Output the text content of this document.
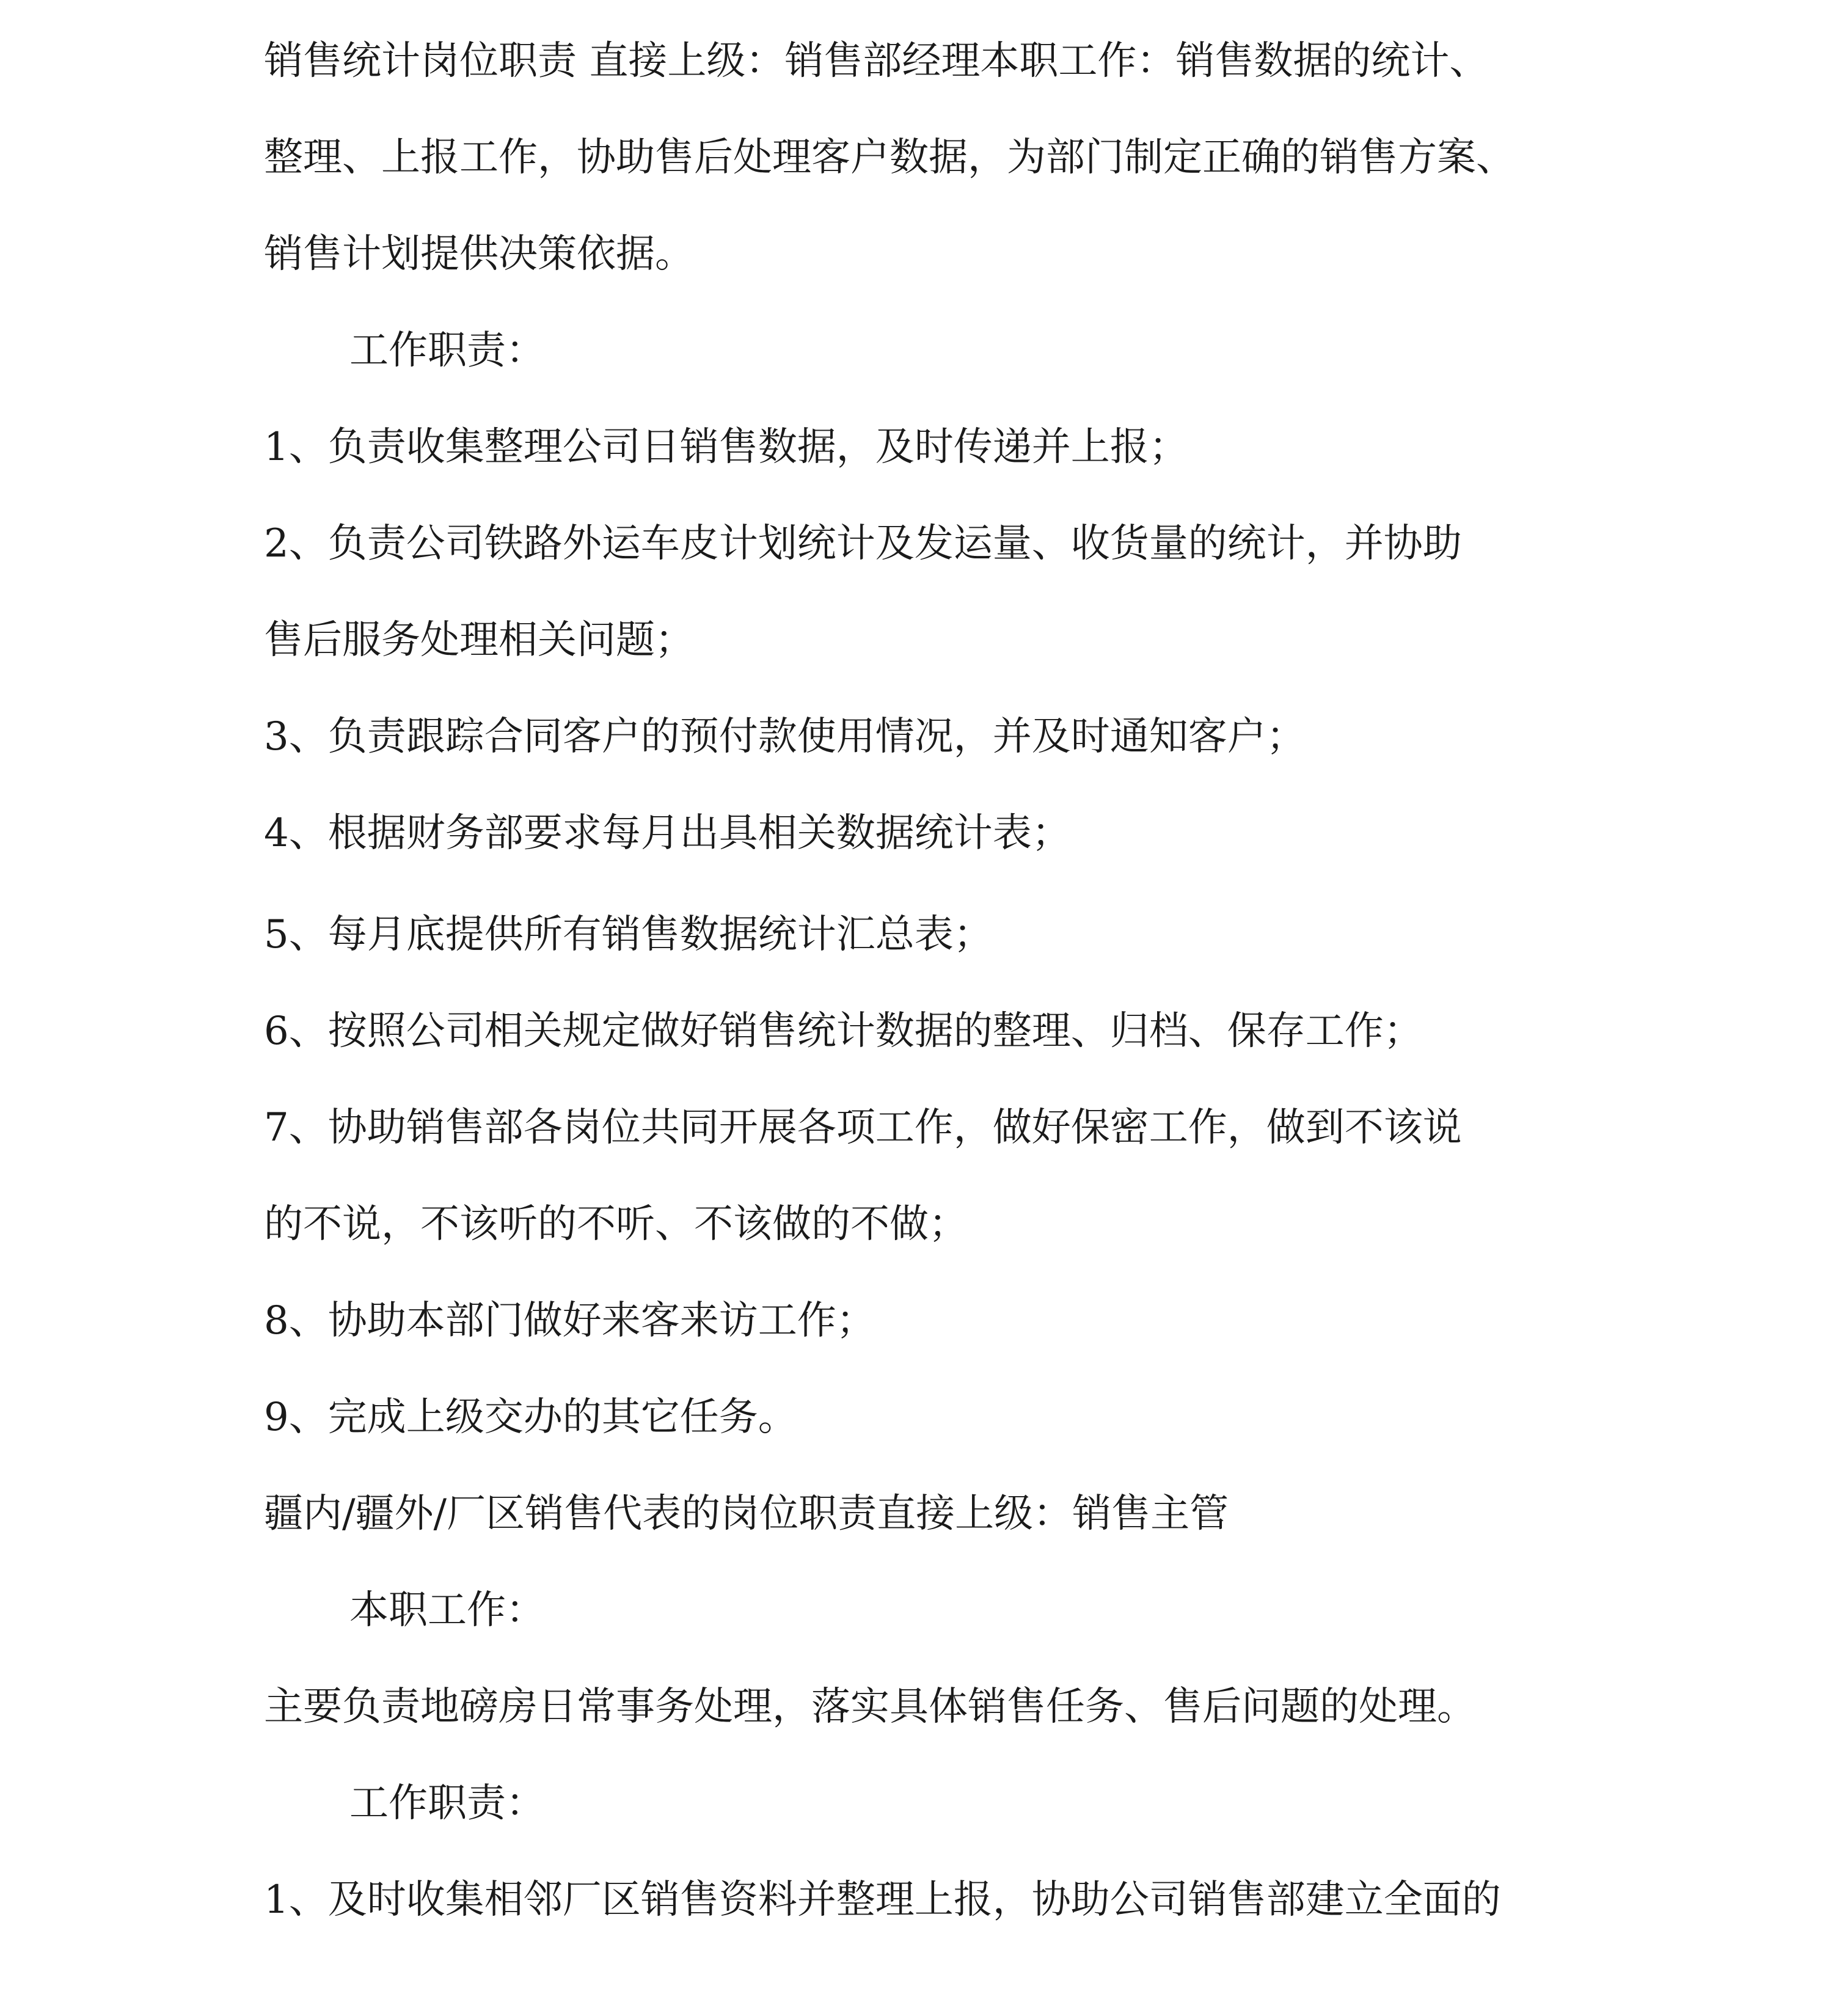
销售统计岗位职责 直接上级：销售部经理本职工作：销售数据的统计、
整理、上报工作，协助售后处理客户数据，为部门制定正确的销售方案、
销售计划提供决策依据。
工作职责：
1、负责收集整理公司日销售数据，及时传递并上报；
2、负责公司铁路外运车皮计划统计及发运量、收货量的统计，并协助
售后服务处理相关问题；
3、负责跟踪合同客户的预付款使用情况，并及时通知客户；
4、根据财务部要求每月出具相关数据统计表；
5、每月底提供所有销售数据统计汇总表；
6、按照公司相关规定做好销售统计数据的整理、归档、保存工作；
7、协助销售部各岗位共同开展各项工作，做好保密工作，做到不该说
的不说，不该听的不听、不该做的不做；
8、协助本部门做好来客来访工作；
9、完成上级交办的其它任务。
疆内/疆外/厂区销售代表的岗位职责直接上级：销售主管
本职工作：
主要负责地磅房日常事务处理，落实具体销售任务、售后问题的处理。
工作职责：
1、及时收集相邻厂区销售资料并整理上报，协助公司销售部建立全面的
